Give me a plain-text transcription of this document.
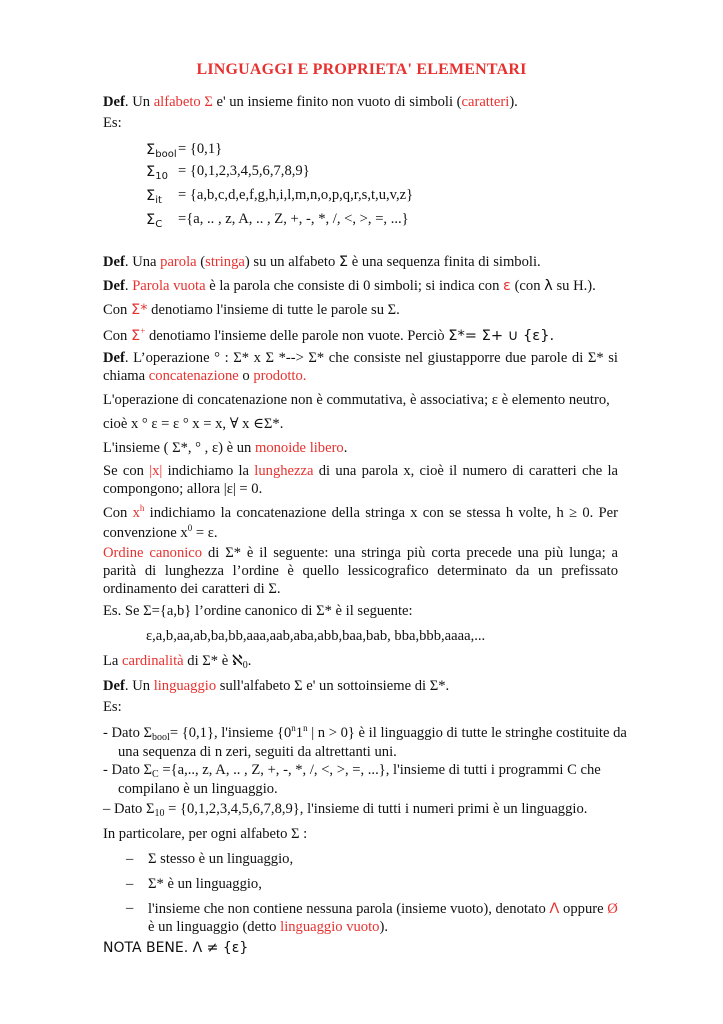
LINGUAGGI E PROPRIETA' ELEMENTARI
Def. Un alfabeto Σ e' un insieme finito non vuoto di simboli (caratteri).
Es:
$\Sigma_{bool} = \{0,1\}$
$\Sigma_{10} = \{0,1,2,3,4,5,6,7,8,9\}$
$\Sigma_{it} = \{a,b,c,d,e,f,g,h,i,l,m,n,o,p,q,r,s,t,u,v,z\}$
$\Sigma_C =\{a$, .. , z, A, .. , Z, +, -, *, /, <, >, =, ...}
Def. Una parola (stringa) su un alfabeto Σ è una sequenza finita di simboli.
Def. Parola vuota è la parola che consiste di 0 simboli; si indica con ε (con λ su H.).
Con Σ* denotiamo l'insieme di tutte le parole su Σ.
Con Σ+ denotiamo l'insieme delle parole non vuote. Perciò Σ*= Σ+ ∪ {ε}.
Def. L’operazione ° : Σ* x Σ *--> Σ* che consiste nel giustapporre due parole di Σ* si chiama concatenazione o prodotto.
L'operazione di concatenazione non è commutativa, è associativa; ε è elemento neutro,
cioè x ° ε = ε ° x = x, ∀ x ∈Σ*.
L'insieme ( Σ*, ° , ε) è un monoide libero.
Se con |x| indichiamo la lunghezza di una parola x, cioè il numero di caratteri che la compongono; allora |ε| = 0.
Con $x^h$ indichiamo la concatenazione della stringa x con se stessa h volte, h ≥ 0. Per convenzione $x^0 = \varepsilon$.
Ordine canonico di Σ* è il seguente: una stringa più corta precede una più lunga; a parità di lunghezza l’ordine è quello lessicografico determinato da un prefissato ordinamento dei caratteri di Σ.
Es. Se Σ={a,b} l’ordine canonico di Σ* è il seguente:
ε,a,b,aa,ab,ba,bb,aaa,aab,aba,abb,baa,bab, bba,bbb,aaaa,...
La cardinalità di Σ* è ℵ$_0$.
Def. Un linguaggio sull'alfabeto Σ e' un sottoinsieme di Σ*.
Es:
- Dato $\Sigma_{bool}= \{0,1\}$, l'insieme {0$^n$1$^n$ | n > 0} è il linguaggio di tutte le stringhe costituite da una sequenza di n zeri, seguiti da altrettanti uni.
- Dato $\Sigma_C =\{a$,.., z, A, .. , Z, +, -, *, /, <, >, =, ...}, l'insieme di tutti i programmi C che compilano è un linguaggio.
– Dato $\Sigma_{10} = \{0,1,2,3,4,5,6,7,8,9\}$, l'insieme di tutti i numeri primi è un linguaggio.
In particolare, per ogni alfabeto Σ :
– Σ stesso è un linguaggio,
– Σ* è un linguaggio,
– l'insieme che non contiene nessuna parola (insieme vuoto), denotato Λ oppure Ø è un linguaggio (detto linguaggio vuoto).
NOTA BENE. Λ ≠ {ε}
